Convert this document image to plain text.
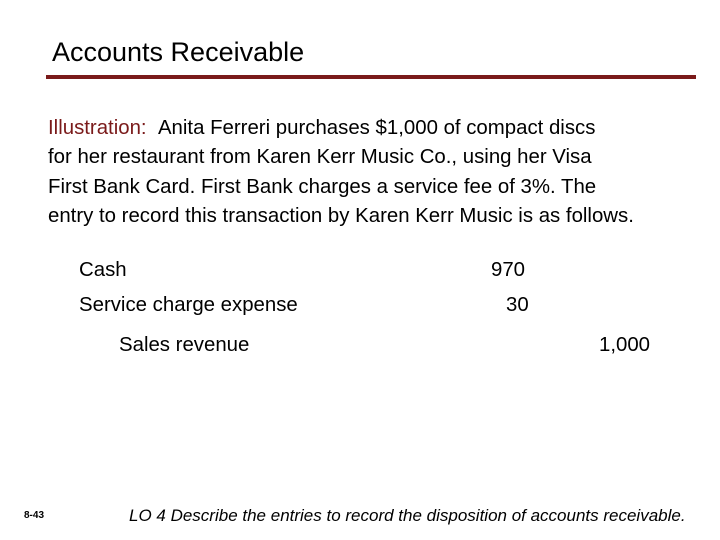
Accounts Receivable
Illustration: Anita Ferreri purchases $1,000 of compact discs
for her restaurant from Karen Kerr Music Co., using her Visa
First Bank Card. First Bank charges a service fee of 3%. The
entry to record this transaction by Karen Kerr Music is as follows.
Cash	970
Service charge expense	30
Sales revenue	1,000
8-43	LO 4 Describe the entries to record the disposition of accounts receivable.
